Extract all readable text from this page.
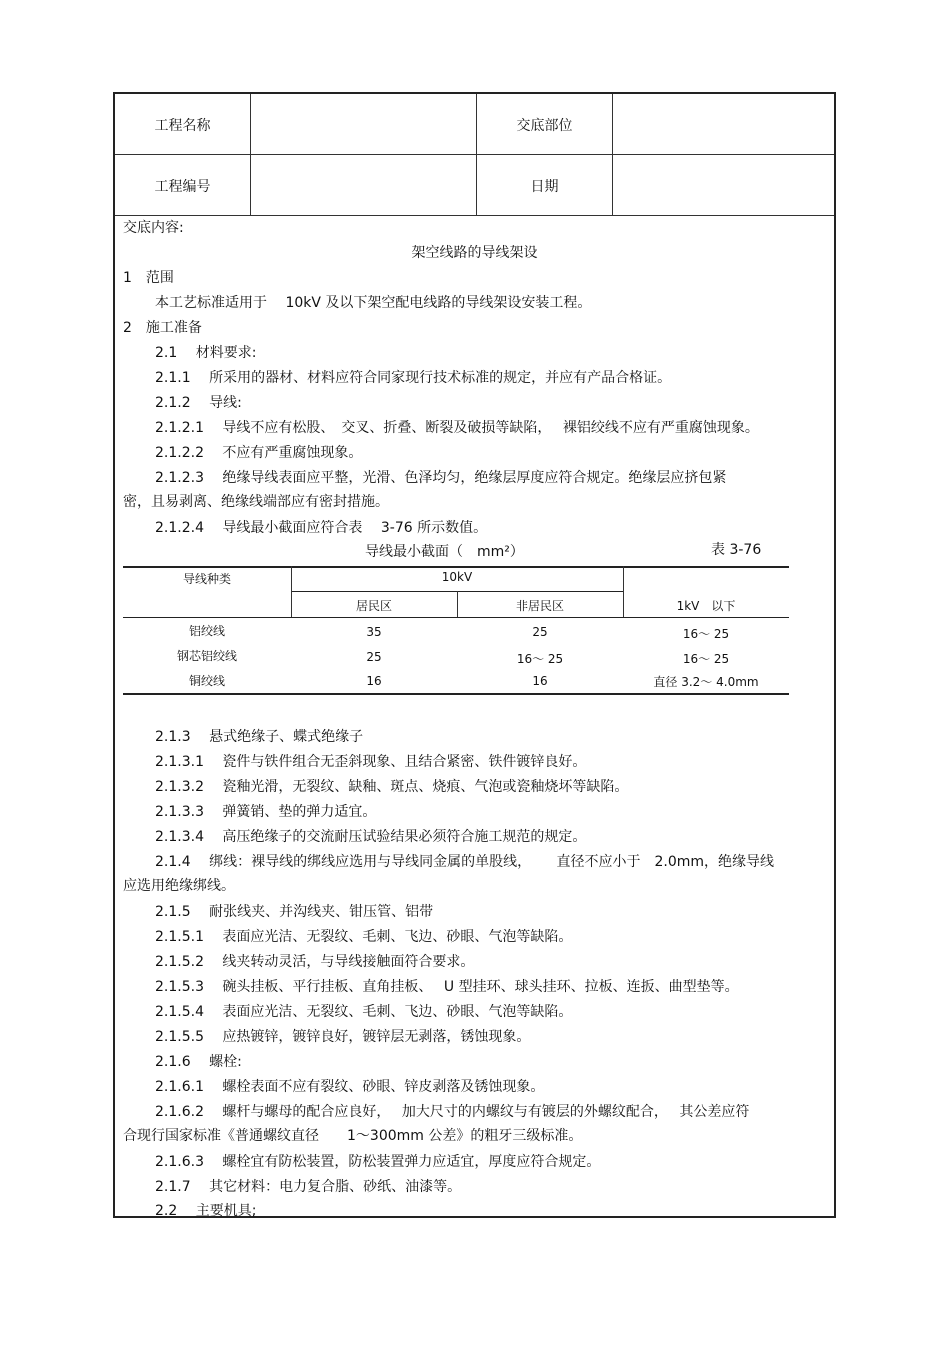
工程名称	交底部位
工程编号	日期
交底内容:
架空线路的导线架设
1　范围
本工艺标准适用于　 10kV 及以下架空配电线路的导线架设安装工程。
2　施工准备
2.1　 材料要求:
2.1.1　 所采用的器材、材料应符合同家现行技术标准的规定，并应有产品合格证。
2.1.2　 导线:
2.1.2.1　 导线不应有松股、　交叉、折叠、断裂及破损等缺陷，　 裸铝绞线不应有严重腐蚀现象。
2.1.2.2　 不应有严重腐蚀现象。
2.1.2.3　 绝缘导线表面应平整，光滑、色泽均匀，绝缘层厚度应符合规定。绝缘层应挤包紧
密，且易剥离、绝缘线端部应有密封措施。
2.1.2.4　 导线最小截面应符合表　 3-76 所示数值。
导线最小截面（　mm²）	表 3-76
导线种类	10kV
居民区	非居民区	1kV　以下
铝绞线	35	25	16～ 25
钢芯铝绞线	25	16～ 25	16～ 25
铜绞线	16	16	直径 3.2～ 4.0mm
2.1.3　 悬式绝缘子、蝶式绝缘子
2.1.3.1　 瓷件与铁件组合无歪斜现象、且结合紧密、铁件镀锌良好。
2.1.3.2　 瓷釉光滑，无裂纹、缺釉、斑点、烧痕、气泡或瓷釉烧坏等缺陷。
2.1.3.3　 弹簧销、垫的弹力适宜。
2.1.3.4　 高压绝缘子的交流耐压试验结果必须符合施工规范的规定。
2.1.4　 绑线：裸导线的绑线应选用与导线同金属的单股线，　　 直径不应小于　2.0mm，绝缘导线
应选用绝缘绑线。
2.1.5　 耐张线夹、并沟线夹、钳压管、铝带
2.1.5.1　 表面应光洁、无裂纹、毛刺、飞边、砂眼、气泡等缺陷。
2.1.5.2　 线夹转动灵活，与导线接触面符合要求。
2.1.5.3　 碗头挂板、平行挂板、直角挂板、　 U 型挂环、球头挂环、拉板、连扳、曲型垫等。
2.1.5.4　 表面应光洁、无裂纹、毛刺、飞边、砂眼、气泡等缺陷。
2.1.5.5　 应热镀锌，镀锌良好，镀锌层无剥落，锈蚀现象。
2.1.6　 螺栓:
2.1.6.1　 螺栓表面不应有裂纹、砂眼、锌皮剥落及锈蚀现象。
2.1.6.2　 螺杆与螺母的配合应良好，　 加大尺寸的内螺纹与有镀层的外螺纹配合，　 其公差应符
合现行国家标准《普通螺纹直径　　1～300mm 公差》的粗牙三级标准。
2.1.6.3　 螺栓宜有防松装置，防松装置弹力应适宜，厚度应符合规定。
2.1.7　 其它材料：电力复合脂、砂纸、油漆等。
2.2　 主要机具;
